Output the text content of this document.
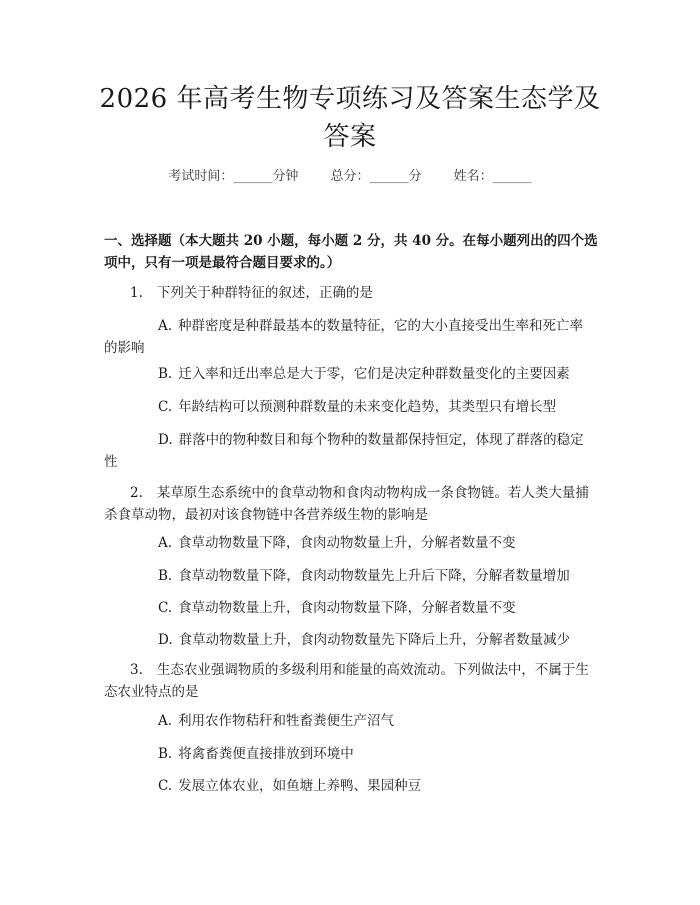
2026 年高考生物专项练习及答案生态学及答案
考试时间：______分钟 总分：______分 姓名：______
一、选择题（本大题共 20 小题，每小题 2 分，共 40 分。在每小题列出的四个选项中，只有一项是最符合题目要求的。）
1. 下列关于种群特征的叙述，正确的是
A. 种群密度是种群最基本的数量特征，它的大小直接受出生率和死亡率的影响
B. 迁入率和迁出率总是大于零，它们是决定种群数量变化的主要因素
C. 年龄结构可以预测种群数量的未来变化趋势，其类型只有增长型
D. 群落中的物种数目和每个物种的数量都保持恒定，体现了群落的稳定性
2. 某草原生态系统中的食草动物和食肉动物构成一条食物链。若人类大量捕杀食草动物，最初对该食物链中各营养级生物的影响是
A. 食草动物数量下降，食肉动物数量上升，分解者数量不变
B. 食草动物数量下降，食肉动物数量先上升后下降，分解者数量增加
C. 食草动物数量上升，食肉动物数量下降，分解者数量不变
D. 食草动物数量上升，食肉动物数量先下降后上升，分解者数量减少
3. 生态农业强调物质的多级利用和能量的高效流动。下列做法中，不属于生态农业特点的是
A. 利用农作物秸秆和牲畜粪便生产沼气
B. 将禽畜粪便直接排放到环境中
C. 发展立体农业，如鱼塘上养鸭、果园种豆
